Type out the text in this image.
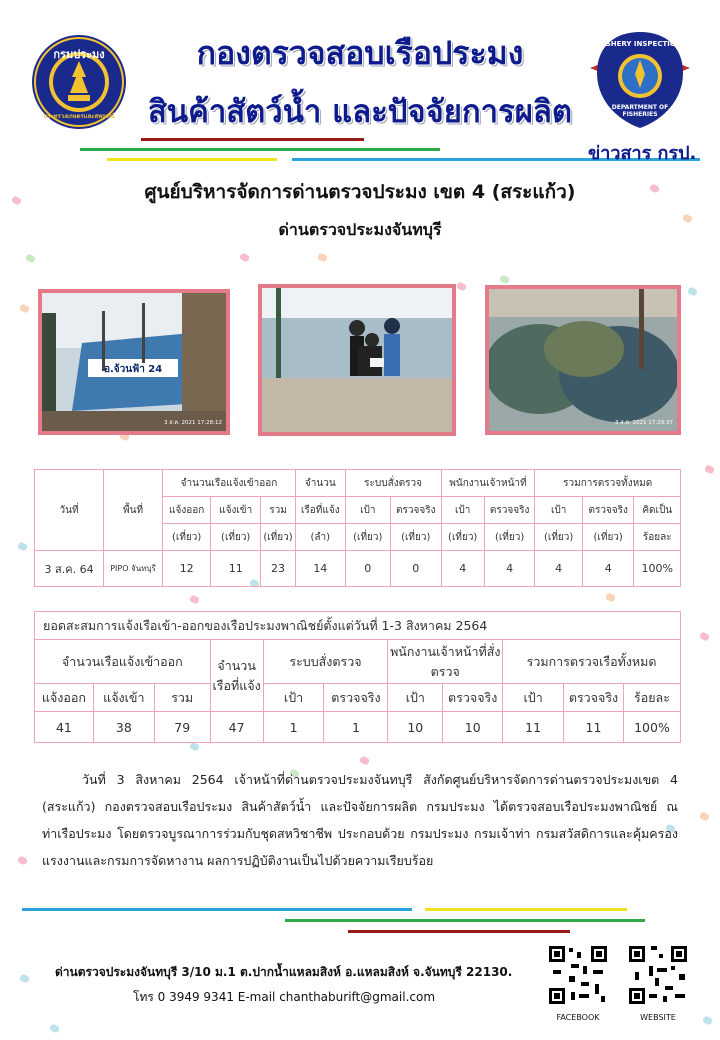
กรมประมง
กระทรวงเกษตรและสหกรณ์
FISHERY INSPECTION
DEPARTMENT OF FISHERIES
กองตรวจสอบเรือประมง
สินค้าสัตว์น้ำ และปัจจัยการผลิต
ข่าวสาร กรป.
ศูนย์บริหารจัดการด่านตรวจประมง เขต 4 (สระแก้ว)
ด่านตรวจประมงจันทบุรี
อ.จ้วนฟ้า 24
3 ส.ค. 2021 17:28:12	3 ส.ค. 2021 17:29:37
วันที่	พื้นที่	จำนวนเรือแจ้งเข้าออก			จำนวน	ระบบสั่งตรวจ		พนักงานเจ้าหน้าที่		รวมการตรวจทั้งหมด		
		แจ้งออก	แจ้งเข้า	รวม	เรือที่แจ้ง	เป้า	ตรวจจริง	เป้า	ตรวจจริง	เป้า	ตรวจจริง	คิดเป็น
		(เที่ยว)	(เที่ยว)	(เที่ยว)	(ลำ)	(เที่ยว)	(เที่ยว)	(เที่ยว)	(เที่ยว)	(เที่ยว)	(เที่ยว)	ร้อยละ
3 ส.ค. 64	PIPO จันทบุรี	12	11	23	14	0	0	4	4	4	4	100%
ยอดสะสมการแจ้งเรือเข้า-ออกของเรือประมงพาณิชย์ตั้งแต่วันที่ 1-3 สิงหาคม 2564										
จำนวนเรือแจ้งเข้าออก			จำนวนเรือที่แจ้ง	ระบบสั่งตรวจ		พนักงานเจ้าหน้าที่สั่งตรวจ		รวมการตรวจเรือทั้งหมด		
แจ้งออก	แจ้งเข้า	รวม		เป้า	ตรวจจริง	เป้า	ตรวจจริง	เป้า	ตรวจจริง	ร้อยละ
41	38	79	47	1	1	10	10	11	11	100%
วันที่ 3 สิงหาคม 2564 เจ้าหน้าที่ด่านตรวจประมงจันทบุรี สังกัดศูนย์บริหารจัดการด่านตรวจประมงเขต 4 (สระแก้ว) กองตรวจสอบเรือประมง สินค้าสัตว์น้ำ และปัจจัยการผลิต กรมประมง ได้ตรวจสอบเรือประมงพาณิชย์ ณ ท่าเรือประมง โดยตรวจบูรณาการร่วมกับชุดสหวิชาชีพ ประกอบด้วย กรมประมง กรมเจ้าท่า กรมสวัสดิการและคุ้มครองแรงงานและกรมการจัดหางาน ผลการปฏิบัติงานเป็นไปด้วยความเรียบร้อย
ด่านตรวจประมงจันทบุรี 3/10 ม.1 ต.ปากน้ำแหลมสิงห์ อ.แหลมสิงห์ จ.จันทบุรี 22130.
โทร 0 3949 9341 E-mail chanthaburift@gmail.com
FACEBOOK	WEBSITE
